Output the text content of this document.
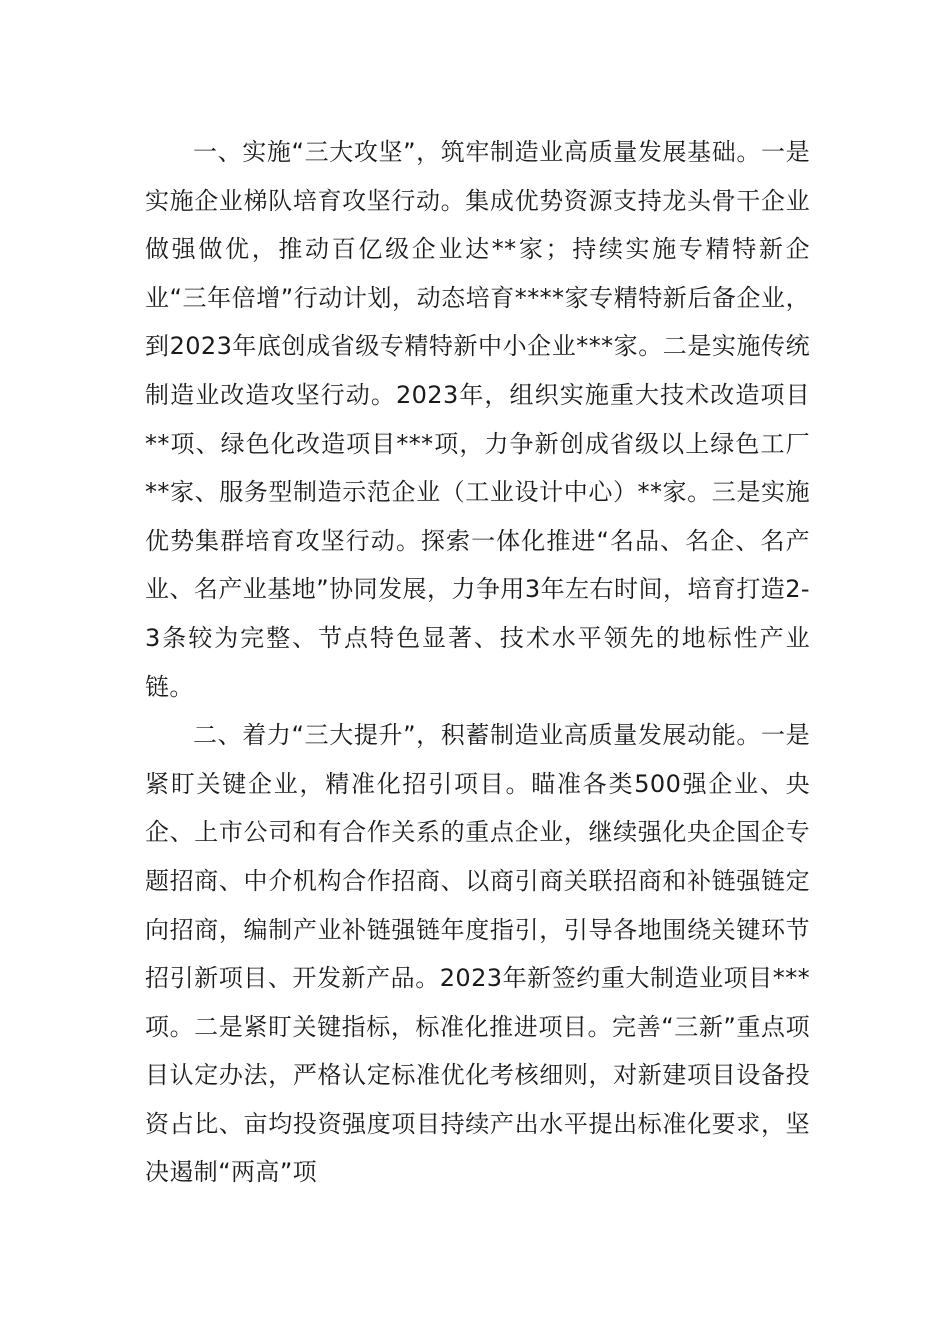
一、实施“三大攻坚”，筑牢制造业高质量发展基础。一是实施企业梯队培育攻坚行动。集成优势资源支持龙头骨干企业做强做优，推动百亿级企业达**家；持续实施专精特新企业“三年倍增”行动计划，动态培育****家专精特新后备企业，到2023年底创成省级专精特新中小企业***家。二是实施传统制造业改造攻坚行动。2023年，组织实施重大技术改造项目**项、绿色化改造项目***项，力争新创成省级以上绿色工厂**家、服务型制造示范企业（工业设计中心）**家。三是实施优势集群培育攻坚行动。探索一体化推进“名品、名企、名产业、名产业基地”协同发展，力争用3年左右时间，培育打造2-3条较为完整、节点特色显著、技术水平领先的地标性产业链。

二、着力“三大提升”，积蓄制造业高质量发展动能。一是紧盯关键企业，精准化招引项目。瞄准各类500强企业、央企、上市公司和有合作关系的重点企业，继续强化央企国企专题招商、中介机构合作招商、以商引商关联招商和补链强链定向招商，编制产业补链强链年度指引，引导各地围绕关键环节招引新项目、开发新产品。2023年新签约重大制造业项目***项。二是紧盯关键指标，标准化推进项目。完善“三新”重点项目认定办法，严格认定标准优化考核细则，对新建项目设备投资占比、亩均投资强度项目持续产出水平提出标准化要求，坚决遏制“两高”项
